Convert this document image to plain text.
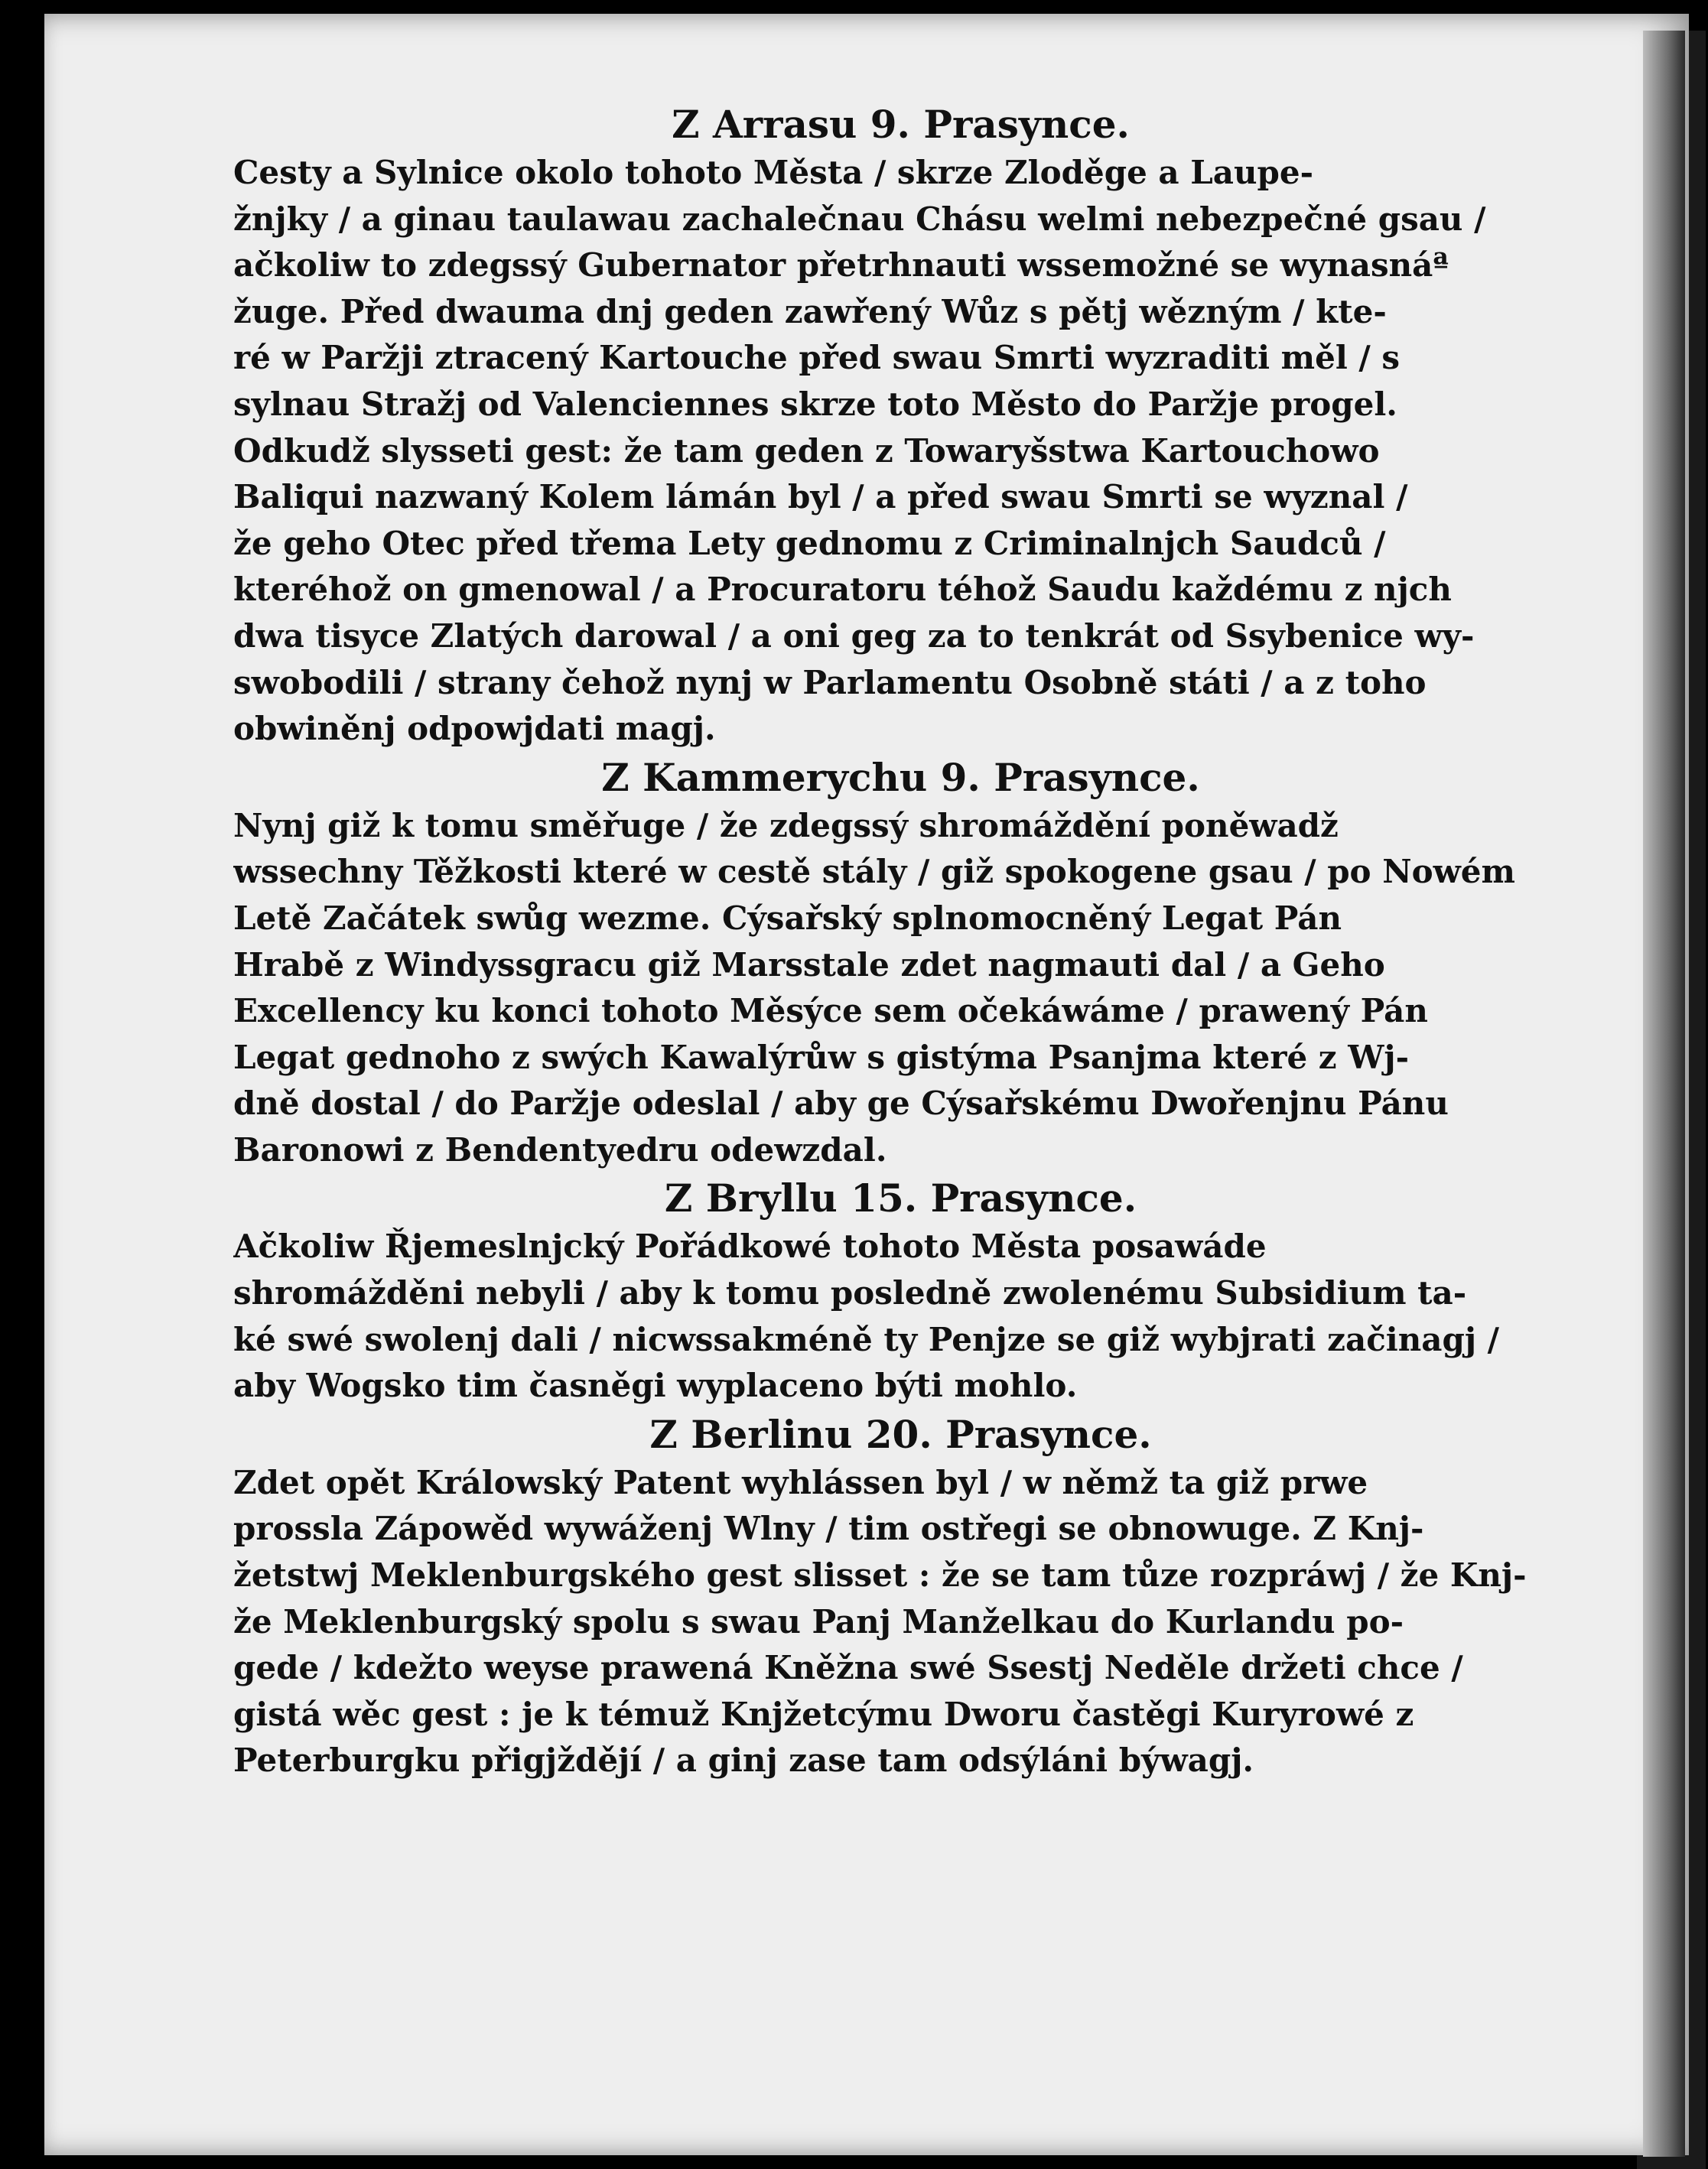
Z Arrasu 9. Prasynce.

Cesty a Sylnice okolo tohoto Města / skrze Zloděge a Laupe-
žnjky / a ginau taulawau zachalečnau Chásu welmi nebezpečné gsau /
ačkoliw to zdegssý Gubernator přetrhnauti wssemožné se wynasnáª
žuge. Před dwauma dnj geden zawřený Wůz s pětj wězným / kte-
ré w Paržji ztracený Kartouche před swau Smrti wyzraditi měl / s
sylnau Stražj od Valenciennes skrze toto Město do Paržje progel.
Odkudž slysseti gest: že tam geden z Towaryšstwa Kartouchowo
Baliqui nazwaný Kolem lámán byl / a před swau Smrti se wyznal /
že geho Otec před třema Lety gednomu z Criminalnjch Saudců /
kteréhož on gmenowal / a Procuratoru téhož Saudu každému z njch
dwa tisyce Zlatých darowal / a oni geg za to tenkrát od Ssybenice wy-
swobodili / strany čehož nynj w Parlamentu Osobně státi / a z toho
obwiněnj odpowjdati magj.

Z Kammerychu 9. Prasynce.

Nynj giž k tomu směřuge / že zdegssý shromáždění poněwadž
wssechny Těžkosti které w cestě stály / giž spokogene gsau / po Nowém
Letě Začátek swůg wezme. Cýsařský splnomocněný Legat Pán
Hrabě z Windyssgracu giž Marsstale zdet nagmauti dal / a Geho
Excellency ku konci tohoto Měsýce sem očekáwáme / prawený Pán
Legat gednoho z swých Kawalýrůw s gistýma Psanjma které z Wj-
dně dostal / do Paržje odeslal / aby ge Cýsařskému Dwořenjnu Pánu
Baronowi z Bendentyedru odewzdal.

Z Bryllu 15. Prasynce.

Ačkoliw Řjemeslnjcký Pořádkowé tohoto Města posawáde
shromážděni nebyli / aby k tomu posledně zwolenému Subsidium ta-
ké swé swolenj dali / nicwssakméně ty Penjze se giž wybjrati začinagj /
aby Wogsko tim časněgi wyplaceno býti mohlo.

Z Berlinu 20. Prasynce.

Zdet opět Králowský Patent wyhlássen byl / w němž ta giž prwe
prossla Zápowěd wywáženj Wlny / tim ostřegi se obnowuge. Z Knj-
žetstwj Meklenburgského gest slisset : že se tam tůze rozpráwj / že Knj-
že Meklenburgský spolu s swau Panj Manželkau do Kurlandu po-
gede / kdežto weyse prawená Kněžna swé Ssestj Neděle držeti chce /
gistá wěc gest : je k témuž Knjžetcýmu Dworu častěgi Kuryrowé z
Peterburgku přigjždějí / a ginj zase tam odsýláni býwagj.
